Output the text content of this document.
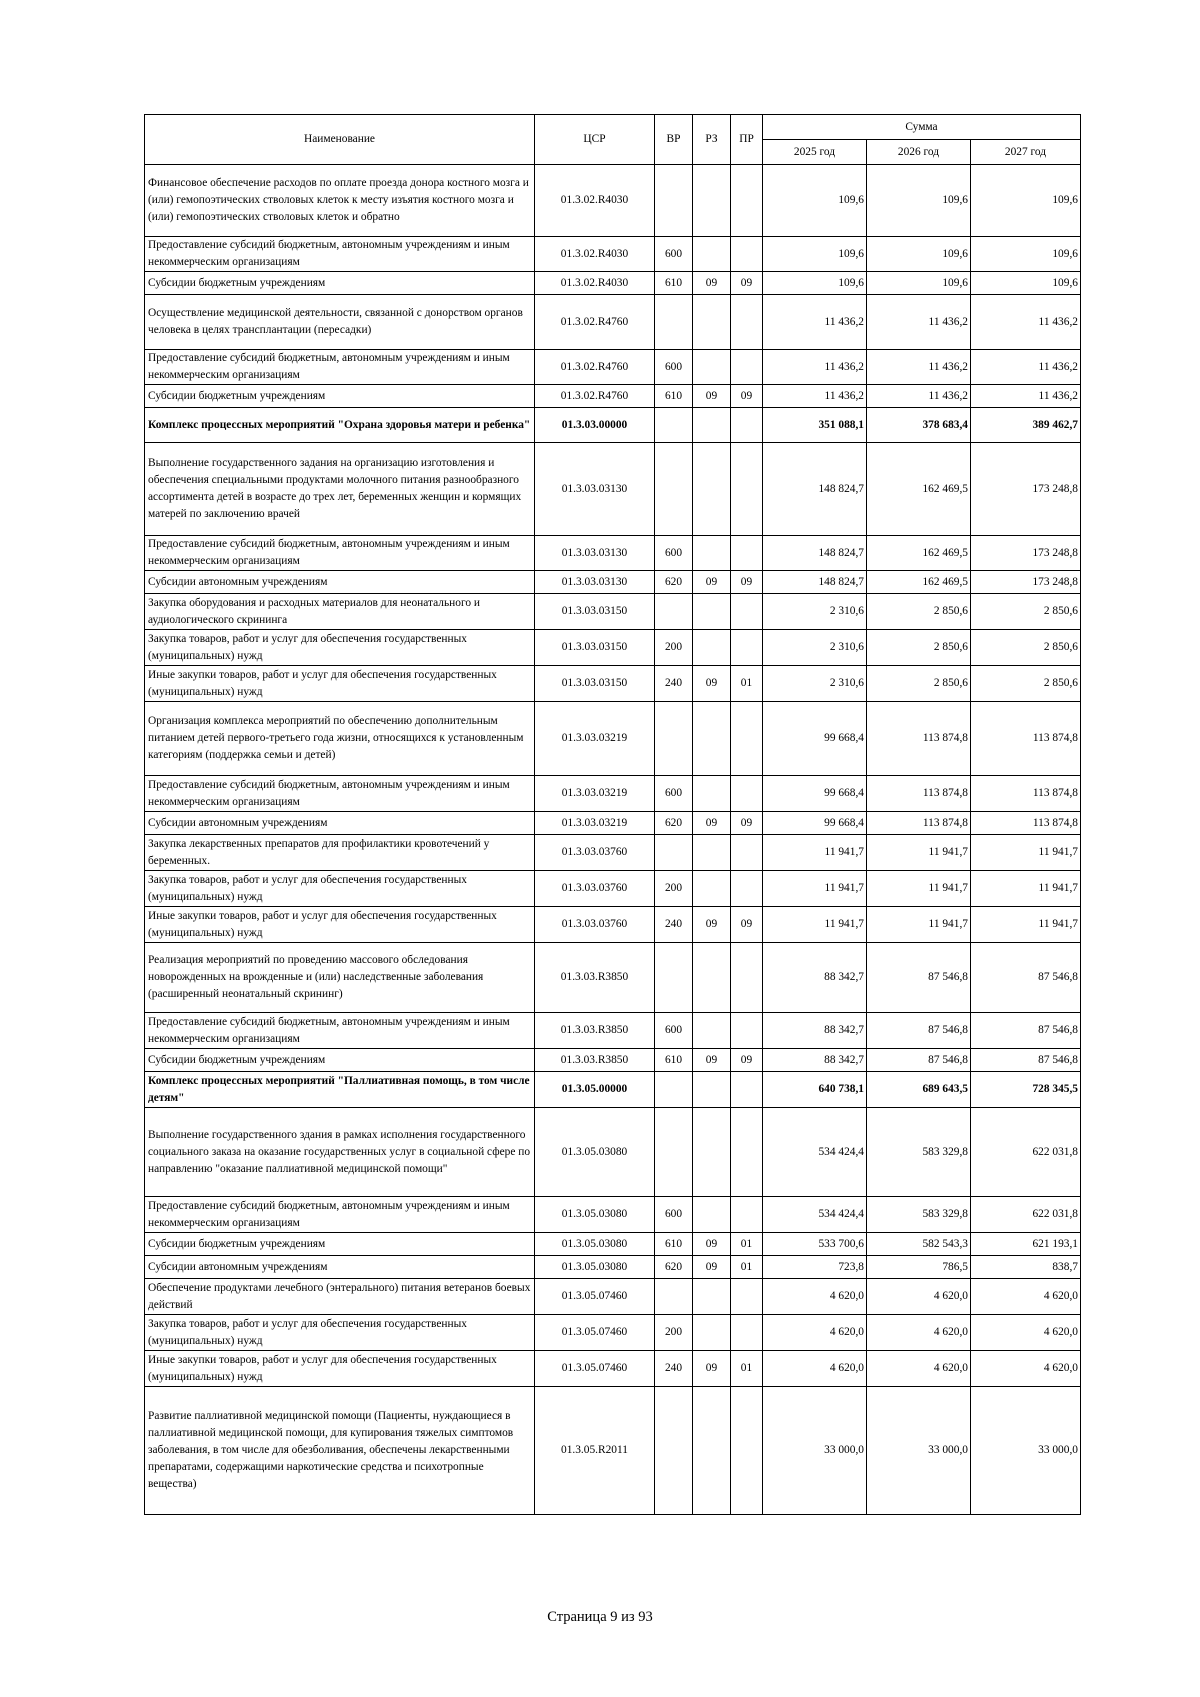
Наименование	ЦСР	ВР	РЗ	ПР	Сумма		
					2025 год	2026 год	2027 год
Финансовое обеспечение расходов по оплате проезда донора костного мозга и (или) гемопоэтических стволовых клеток к месту изъятия костного мозга и (или) гемопоэтических стволовых клеток и обратно	01.3.02.R4030				109,6	109,6	109,6
Предоставление субсидий бюджетным, автономным учреждениям и иным некоммерческим организациям	01.3.02.R4030	600			109,6	109,6	109,6
Субсидии бюджетным учреждениям	01.3.02.R4030	610	09	09	109,6	109,6	109,6
Осуществление медицинской деятельности, связанной с донорством органов человека в целях трансплантации (пересадки)	01.3.02.R4760				11 436,2	11 436,2	11 436,2
Предоставление субсидий бюджетным, автономным учреждениям и иным некоммерческим организациям	01.3.02.R4760	600			11 436,2	11 436,2	11 436,2
Субсидии бюджетным учреждениям	01.3.02.R4760	610	09	09	11 436,2	11 436,2	11 436,2
Комплекс процессных мероприятий "Охрана здоровья матери и ребенка"	01.3.03.00000				351 088,1	378 683,4	389 462,7
Выполнение государственного задания на организацию изготовления и обеспечения специальными продуктами молочного питания разнообразного ассортимента детей в возрасте до трех лет, беременных женщин и кормящих матерей по заключению врачей	01.3.03.03130				148 824,7	162 469,5	173 248,8
Предоставление субсидий бюджетным, автономным учреждениям и иным некоммерческим организациям	01.3.03.03130	600			148 824,7	162 469,5	173 248,8
Субсидии автономным учреждениям	01.3.03.03130	620	09	09	148 824,7	162 469,5	173 248,8
Закупка оборудования и расходных материалов для неонатального и аудиологического скрининга	01.3.03.03150				2 310,6	2 850,6	2 850,6
Закупка товаров, работ и услуг для обеспечения государственных (муниципальных) нужд	01.3.03.03150	200			2 310,6	2 850,6	2 850,6
Иные закупки товаров, работ и услуг для обеспечения государственных (муниципальных) нужд	01.3.03.03150	240	09	01	2 310,6	2 850,6	2 850,6
Организация комплекса мероприятий по обеспечению дополнительным питанием детей первого-третьего года жизни, относящихся к установленным категориям (поддержка семьи и детей)	01.3.03.03219				99 668,4	113 874,8	113 874,8
Предоставление субсидий бюджетным, автономным учреждениям и иным некоммерческим организациям	01.3.03.03219	600			99 668,4	113 874,8	113 874,8
Субсидии автономным учреждениям	01.3.03.03219	620	09	09	99 668,4	113 874,8	113 874,8
Закупка лекарственных препаратов для профилактики кровотечений у беременных.	01.3.03.03760				11 941,7	11 941,7	11 941,7
Закупка товаров, работ и услуг для обеспечения государственных (муниципальных) нужд	01.3.03.03760	200			11 941,7	11 941,7	11 941,7
Иные закупки товаров, работ и услуг для обеспечения государственных (муниципальных) нужд	01.3.03.03760	240	09	09	11 941,7	11 941,7	11 941,7
Реализация мероприятий по проведению массового обследования новорожденных на врожденные и (или) наследственные заболевания (расширенный неонатальный скрининг)	01.3.03.R3850				88 342,7	87 546,8	87 546,8
Предоставление субсидий бюджетным, автономным учреждениям и иным некоммерческим организациям	01.3.03.R3850	600			88 342,7	87 546,8	87 546,8
Субсидии бюджетным учреждениям	01.3.03.R3850	610	09	09	88 342,7	87 546,8	87 546,8
Комплекс процессных мероприятий "Паллиативная помощь, в том числе детям"	01.3.05.00000				640 738,1	689 643,5	728 345,5
Выполнение государственного здания в рамках исполнения государственного социального заказа на оказание государственных услуг в социальной сфере по направлению "оказание паллиативной медицинской помощи"	01.3.05.03080				534 424,4	583 329,8	622 031,8
Предоставление субсидий бюджетным, автономным учреждениям и иным некоммерческим организациям	01.3.05.03080	600			534 424,4	583 329,8	622 031,8
Субсидии бюджетным учреждениям	01.3.05.03080	610	09	01	533 700,6	582 543,3	621 193,1
Субсидии автономным учреждениям	01.3.05.03080	620	09	01	723,8	786,5	838,7
Обеспечение продуктами лечебного (энтерального) питания ветеранов боевых действий	01.3.05.07460				4 620,0	4 620,0	4 620,0
Закупка товаров, работ и услуг для обеспечения государственных (муниципальных) нужд	01.3.05.07460	200			4 620,0	4 620,0	4 620,0
Иные закупки товаров, работ и услуг для обеспечения государственных (муниципальных) нужд	01.3.05.07460	240	09	01	4 620,0	4 620,0	4 620,0
Развитие паллиативной медицинской помощи (Пациенты, нуждающиеся в паллиативной медицинской помощи, для купирования тяжелых симптомов заболевания, в том числе для обезболивания, обеспечены лекарственными препаратами, содержащими наркотические средства и психотропные вещества)	01.3.05.R2011				33 000,0	33 000,0	33 000,0
Страница 9 из 93
